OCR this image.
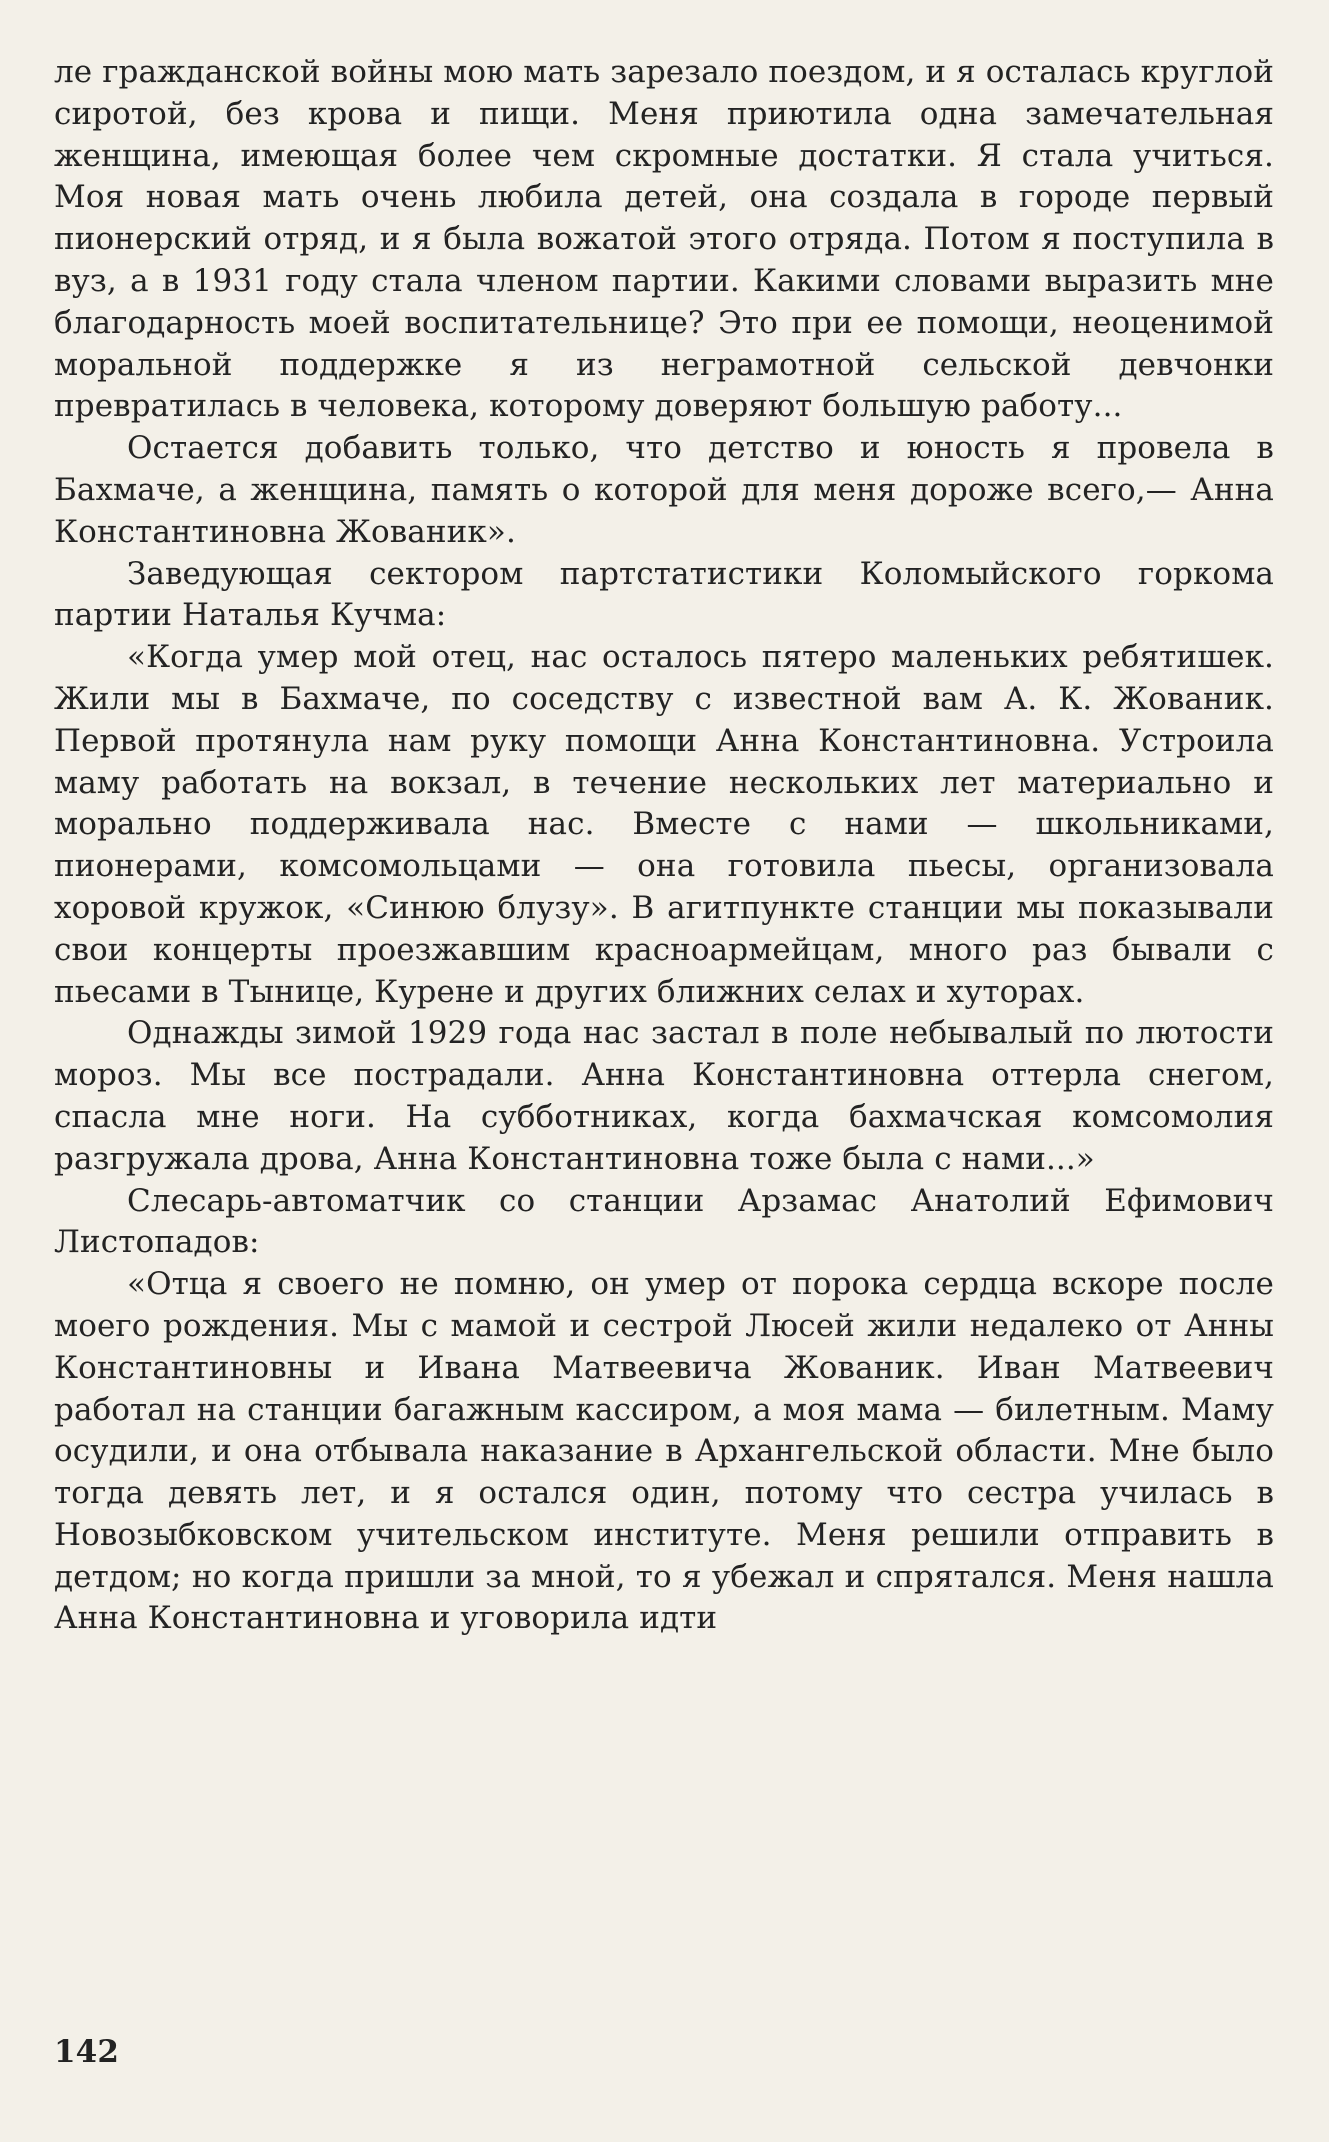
ле гражданской войны мою мать зарезало поездом, и я осталась круглой сиротой, без крова и пищи. Меня приютила одна замечательная женщина, имеющая более чем скромные достатки. Я стала учиться. Моя новая мать очень любила детей, она создала в городе первый пионерский отряд, и я была вожатой этого отряда. Потом я поступила в вуз, а в 1931 году стала членом партии. Какими словами выразить мне благодарность моей воспитательнице? Это при ее помощи, неоценимой моральной поддержке я из неграмотной сельской девчонки превратилась в человека, которому доверяют большую работу...

Остается добавить только, что детство и юность я провела в Бахмаче, а женщина, память о которой для меня дороже всего,— Анна Константиновна Жованик».

Заведующая сектором партстатистики Коломыйского горкома партии Наталья Кучма:

«Когда умер мой отец, нас осталось пятеро маленьких ребятишек. Жили мы в Бахмаче, по соседству с известной вам А. К. Жованик. Первой протянула нам руку помощи Анна Константиновна. Устроила маму работать на вокзал, в течение нескольких лет материально и морально поддерживала нас. Вместе с нами — школьниками, пионерами, комсомольцами — она готовила пьесы, организовала хоровой кружок, «Синюю блузу». В агитпункте станции мы показывали свои концерты проезжавшим красноармейцам, много раз бывали с пьесами в Тынице, Курене и других ближних селах и хуторах.

Однажды зимой 1929 года нас застал в поле небывалый по лютости мороз. Мы все пострадали. Анна Константиновна оттерла снегом, спасла мне ноги. На субботниках, когда бахмачская комсомолия разгружала дрова, Анна Константиновна тоже была с нами...»

Слесарь-автоматчик со станции Арзамас Анатолий Ефимович Листопадов:

«Отца я своего не помню, он умер от порока сердца вскоре после моего рождения. Мы с мамой и сестрой Люсей жили недалеко от Анны Константиновны и Ивана Матвеевича Жованик. Иван Матвеевич работал на станции багажным кассиром, а моя мама — билетным. Маму осудили, и она отбывала наказание в Архангельской области. Мне было тогда девять лет, и я остался один, потому что сестра училась в Новозыбковском учительском институте. Меня решили отправить в детдом; но когда пришли за мной, то я убежал и спрятался. Меня нашла Анна Константиновна и уговорила идти

142
